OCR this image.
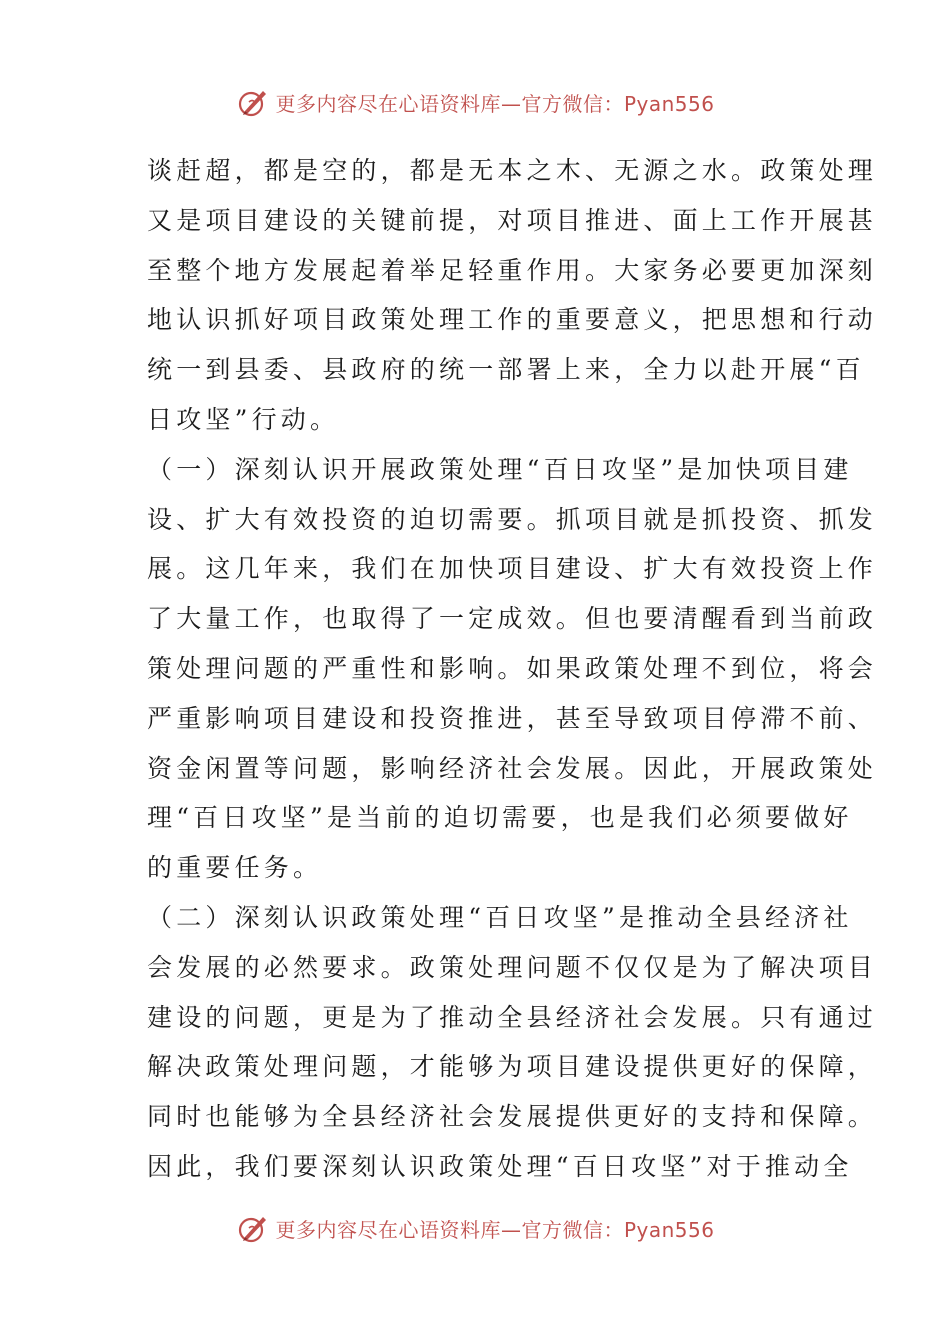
更多内容尽在心语资料库—官方微信：Pyan556

谈赶超，都是空的，都是无本之木、无源之水。政策处理
又是项目建设的关键前提，对项目推进、面上工作开展甚
至整个地方发展起着举足轻重作用。大家务必要更加深刻
地认识抓好项目政策处理工作的重要意义，把思想和行动
统一到县委、县政府的统一部署上来，全力以赴开展“百
日攻坚”行动。

（一）深刻认识开展政策处理“百日攻坚”是加快项目建
设、扩大有效投资的迫切需要。抓项目就是抓投资、抓发
展。这几年来，我们在加快项目建设、扩大有效投资上作
了大量工作，也取得了一定成效。但也要清醒看到当前政
策处理问题的严重性和影响。如果政策处理不到位，将会
严重影响项目建设和投资推进，甚至导致项目停滞不前、
资金闲置等问题，影响经济社会发展。因此，开展政策处
理“百日攻坚”是当前的迫切需要，也是我们必须要做好
的重要任务。

（二）深刻认识政策处理“百日攻坚”是推动全县经济社
会发展的必然要求。政策处理问题不仅仅是为了解决项目
建设的问题，更是为了推动全县经济社会发展。只有通过
解决政策处理问题，才能够为项目建设提供更好的保障，
同时也能够为全县经济社会发展提供更好的支持和保障。
因此，我们要深刻认识政策处理“百日攻坚”对于推动全

更多内容尽在心语资料库—官方微信：Pyan556
